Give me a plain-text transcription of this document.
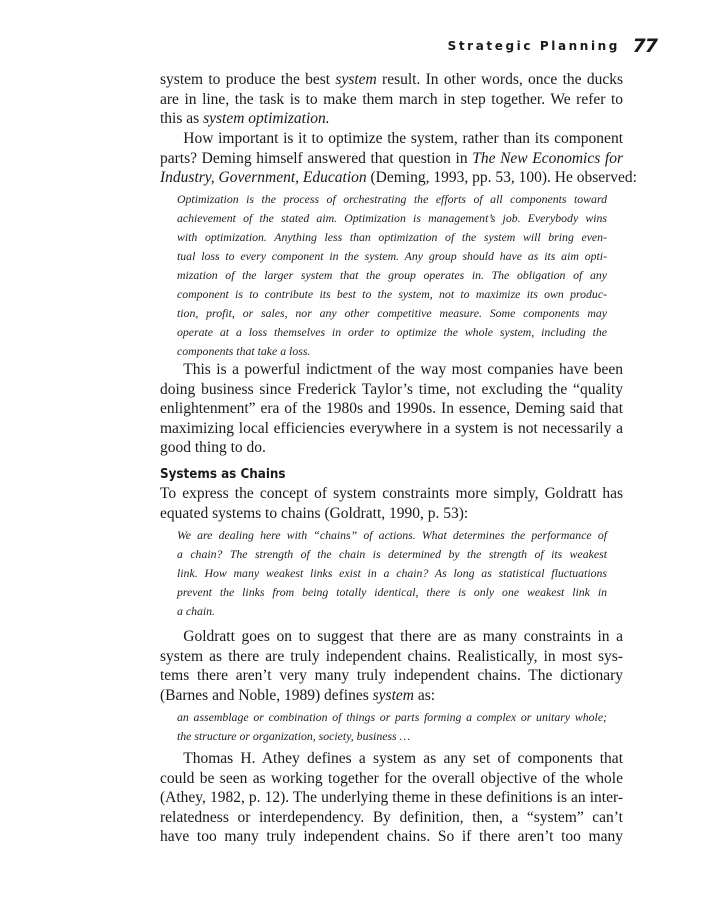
Strategic Planning 77

system to produce the best system result. In other words, once the ducks
are in line, the task is to make them march in step together. We refer to
this as system optimization.

  How important is it to optimize the system, rather than its component
parts? Deming himself answered that question in The New Economics for
Industry, Government, Education (Deming, 1993, pp. 53, 100). He observed:

Optimization is the process of orchestrating the efforts of all components toward
achievement of the stated aim. Optimization is management’s job. Everybody wins
with optimization. Anything less than optimization of the system will bring even-
tual loss to every component in the system. Any group should have as its aim opti-
mization of the larger system that the group operates in. The obligation of any
component is to contribute its best to the system, not to maximize its own produc-
tion, profit, or sales, nor any other competitive measure. Some components may
operate at a loss themselves in order to optimize the whole system, including the
components that take a loss.

  This is a powerful indictment of the way most companies have been
doing business since Frederick Taylor’s time, not excluding the “quality
enlightenment” era of the 1980s and 1990s. In essence, Deming said that
maximizing local efficiencies everywhere in a system is not necessarily a
good thing to do.

Systems as Chains

To express the concept of system constraints more simply, Goldratt has
equated systems to chains (Goldratt, 1990, p. 53):

We are dealing here with “chains” of actions. What determines the performance of
a chain? The strength of the chain is determined by the strength of its weakest
link. How many weakest links exist in a chain? As long as statistical fluctuations
prevent the links from being totally identical, there is only one weakest link in
a chain.

  Goldratt goes on to suggest that there are as many constraints in a
system as there are truly independent chains. Realistically, in most sys-
tems there aren’t very many truly independent chains. The dictionary
(Barnes and Noble, 1989) defines system as:

an assemblage or combination of things or parts forming a complex or unitary whole;
the structure or organization, society, business …

  Thomas H. Athey defines a system as any set of components that
could be seen as working together for the overall objective of the whole
(Athey, 1982, p. 12). The underlying theme in these definitions is an inter-
relatedness or interdependency. By definition, then, a “system” can’t
have too many truly independent chains. So if there aren’t too many
